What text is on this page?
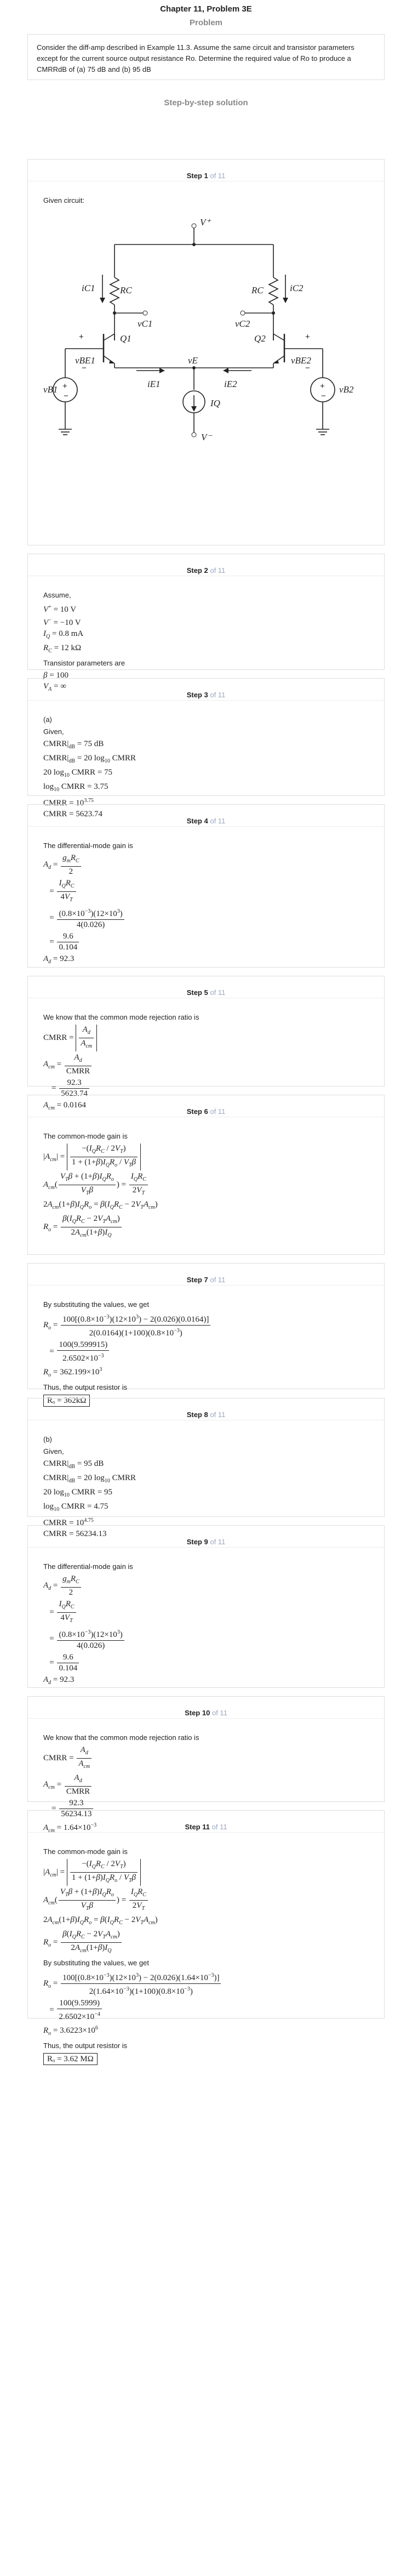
Chapter 11, Problem 3E
Problem
Consider the diff-amp described in Example 11.3. Assume the same circuit and transistor parameters except for the current source output resistance Ro. Determine the required value of Ro to produce a CMRRdB of (a) 75 dB and (b) 95 dB
Step-by-step solution
Step 1 of 11
Given circuit:
V⁺
V⁻
RC	RC
iC1	iC2
vC1	vC2
Q1	Q2
vBE1	vBE2
vB1	vB2
vE
iE1	iE2
IQ
+
−
+
−
+
−
+
−
Step 2 of 11
Assume,
V+ = 10 V
V− = −10 V
$I_Q = 0.8$ mA
$R_C = 12$ kΩ
Transistor parameters are
β = 100
$V_A$ = ∞
Step 3 of 11
(a)
Given,
$CMRR|_{dB} = 75$ dB
$CMRR|_{dB} = 20$ $\log_{10}$ CMRR
20 $\log_{10}$ CMRR = 75
$\log_{10}$ CMRR = 3.75
CMRR = $10^{3.75}$
CMRR = 5623.74
Step 4 of 11
The differential-mode gain is
$A_d = \frac{g_mR_C}{2}$
= $\frac{I_QR_C}{4V_T}$
= $\frac{(0.8\times 10^{-3})(12\times 10^3)}{4(0.026)}$
= $\frac{9.6}{0.104}$
$A_d = 92.3$
Step 5 of 11
We know that the common mode rejection ratio is
CMRR = $\frac{A_d}{A_{cm}}$
$A_{cm} = \frac{A_d}{\text{CMRR}}$
= $\frac{92.3}{5623.74}$
$A_{cm} = 0.0164$
Step 6 of 11
The common-mode gain is
$|A_{cm}| = \frac{-(I_QR_C / 2V_T)}{1 + (1+\beta)I_QR_o / V_T\beta}$
$A_{cm}( \frac{V_T\beta + (1+\beta)I_QR_o}{V_T\beta}$ ) = $\frac{I_QR_C}{2V_T}$
$2A_{cm}(1+\beta)I_QR_o = \beta(I_QR_C - 2V_TA_{cm})$
$R_o = \frac{\beta(I_QR_C - 2V_TA_{cm})}{2A_{cm}(1+\beta)I_Q}$
Step 7 of 11
By substituting the values, we get
$R_o = \frac{100[(0.8\times 10^{-3})(12\times 10^3) - 2(0.026)(0.0164)]}{2(0.0164)(1+100)(0.8\times 10^{-3})}$
= $\frac{100(9.599915)}{2.6502\times 10^{-3}}$
$R_o = 362.199\times 10^3$
Thus, the output resistor is
Rₒ = 362kΩ
Step 8 of 11
(b)
Given,
$CMRR|_{dB} = 95$ dB
$CMRR|_{dB} = 20$ $\log_{10}$ CMRR
20 $\log_{10}$ CMRR = 95
$\log_{10}$ CMRR = 4.75
CMRR = $10^{4.75}$
CMRR = 56234.13
Step 9 of 11
The differential-mode gain is
$A_d = \frac{g_mR_C}{2}$
= $\frac{I_QR_C}{4V_T}$
= $\frac{(0.8\times 10^{-3})(12\times 10^3)}{4(0.026)}$
= $\frac{9.6}{0.104}$
$A_d = 92.3$
Step 10 of 11
We know that the common mode rejection ratio is
CMRR = $\frac{A_d}{A_{cm}}$
$A_{cm} = \frac{A_d}{\text{CMRR}}$
= $\frac{92.3}{56234.13}$
$A_{cm} = 1.64\times 10^{-3}$	Step 11 of 11
The common-mode gain is
$|A_{cm}| = \frac{-(I_QR_C / 2V_T)}{1 + (1+\beta)I_QR_o / V_T\beta}$
$A_{cm}( \frac{V_T\beta + (1+\beta)I_QR_o}{V_T\beta}$ ) = $\frac{I_QR_C}{2V_T}$
$2A_{cm}(1+\beta)I_QR_o = \beta(I_QR_C - 2V_TA_{cm})$
$R_o = \frac{\beta(I_QR_C - 2V_TA_{cm})}{2A_{cm}(1+\beta)I_Q}$
By substituting the values, we get
$R_o = \frac{100[(0.8\times 10^{-3})(12\times 10^3) - 2(0.026)(1.64\times 10^{-3})]}{2(1.64\times 10^{-3})(1+100)(0.8\times 10^{-3})}$
= $\frac{100(9.5999)}{2.6502\times 10^{-4}}$
$R_o = 3.6223\times 10^6$
Thus, the output resistor is
Rₒ = 3.62 MΩ
